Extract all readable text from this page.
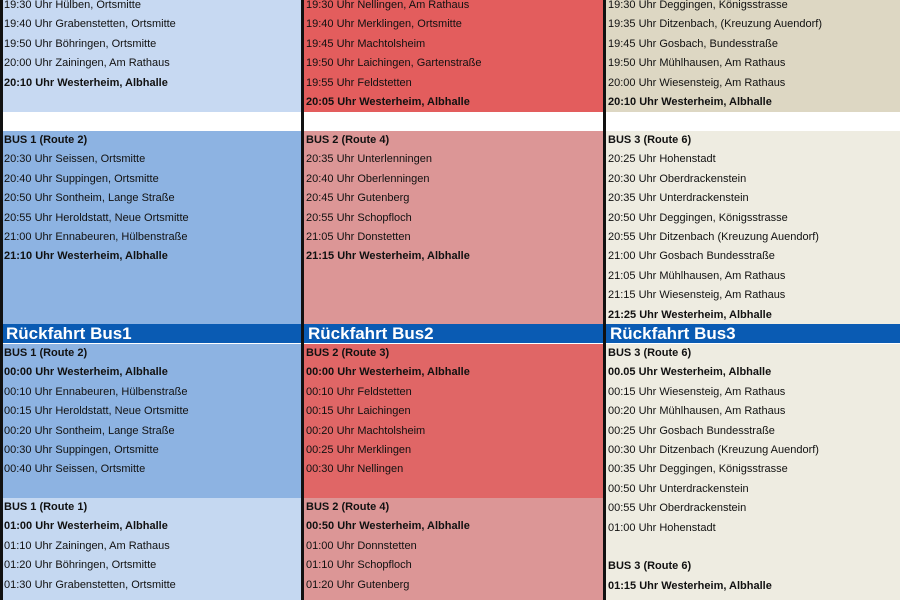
19:30 Uhr Hülben, Ortsmitte
19:40 Uhr Grabenstetten, Ortsmitte
19:50 Uhr Böhringen, Ortsmitte
20:00 Uhr Zainingen, Am Rathaus
20:10 Uhr Westerheim, Albhalle
BUS 1 (Route 2)
20:30 Uhr Seissen, Ortsmitte
20:40 Uhr Suppingen, Ortsmitte
20:50 Uhr Sontheim, Lange Straße
20:55 Uhr Heroldstatt, Neue Ortsmitte
21:00 Uhr Ennabeuren, Hülbenstraße
21:10 Uhr Westerheim, Albhalle
BUS 1 (Route 2)
00:00 Uhr Westerheim, Albhalle
00:10 Uhr Ennabeuren, Hülbenstraße
00:15 Uhr Heroldstatt, Neue Ortsmitte
00:20 Uhr Sontheim, Lange Straße
00:30 Uhr Suppingen, Ortsmitte
00:40 Uhr Seissen, Ortsmitte
BUS 1 (Route 1)
01:00 Uhr Westerheim, Albhalle
01:10 Uhr Zainingen, Am Rathaus
01:20 Uhr Böhringen, Ortsmitte
01:30 Uhr Grabenstetten, Ortsmitte
19:30 Uhr Nellingen, Am Rathaus
19:40 Uhr Merklingen, Ortsmitte
19:45 Uhr Machtolsheim
19:50 Uhr Laichingen, Gartenstraße
19:55 Uhr Feldstetten
20:05 Uhr Westerheim, Albhalle
BUS 2 (Route 4)
20:35 Uhr Unterlenningen
20:40 Uhr Oberlenningen
20:45 Uhr Gutenberg
20:55 Uhr Schopfloch
21:05 Uhr Donstetten
21:15 Uhr Westerheim, Albhalle
BUS 2 (Route 3)
00:00 Uhr Westerheim, Albhalle
00:10 Uhr Feldstetten
00:15 Uhr Laichingen
00:20 Uhr Machtolsheim
00:25 Uhr Merklingen
00:30 Uhr Nellingen
BUS 2 (Route 4)
00:50 Uhr Westerheim, Albhalle
01:00 Uhr Donnstetten
01:10 Uhr Schopfloch
01:20 Uhr Gutenberg
19:30 Uhr Deggingen, Königsstrasse
19:35 Uhr Ditzenbach, (Kreuzung Auendorf)
19:45 Uhr Gosbach, Bundesstraße
19:50 Uhr Mühlhausen, Am Rathaus
20:00 Uhr Wiesensteig, Am Rathaus
20:10 Uhr Westerheim, Albhalle
BUS 3 (Route 6)
20:25 Uhr Hohenstadt
20:30 Uhr Oberdrackenstein
20:35 Uhr Unterdrackenstein
20:50 Uhr Deggingen, Königsstrasse
20:55 Uhr Ditzenbach (Kreuzung Auendorf)
21:00 Uhr Gosbach Bundesstraße
21:05 Uhr Mühlhausen, Am Rathaus
21:15 Uhr Wiesensteig, Am Rathaus
21:25 Uhr Westerheim, Albhalle
BUS 3 (Route 6)
00.05 Uhr Westerheim, Albhalle
00:15 Uhr Wiesensteig, Am Rathaus
00:20 Uhr Mühlhausen, Am Rathaus
00:25 Uhr Gosbach Bundesstraße
00:30 Uhr Ditzenbach (Kreuzung Auendorf)
00:35 Uhr Deggingen, Königsstrasse
00:50 Uhr Unterdrackenstein
00:55 Uhr Oberdrackenstein
01:00 Uhr Hohenstadt
BUS 3 (Route 6)
01:15 Uhr Westerheim, Albhalle
Rückfahrt Bus1	Rückfahrt Bus2	Rückfahrt Bus3
